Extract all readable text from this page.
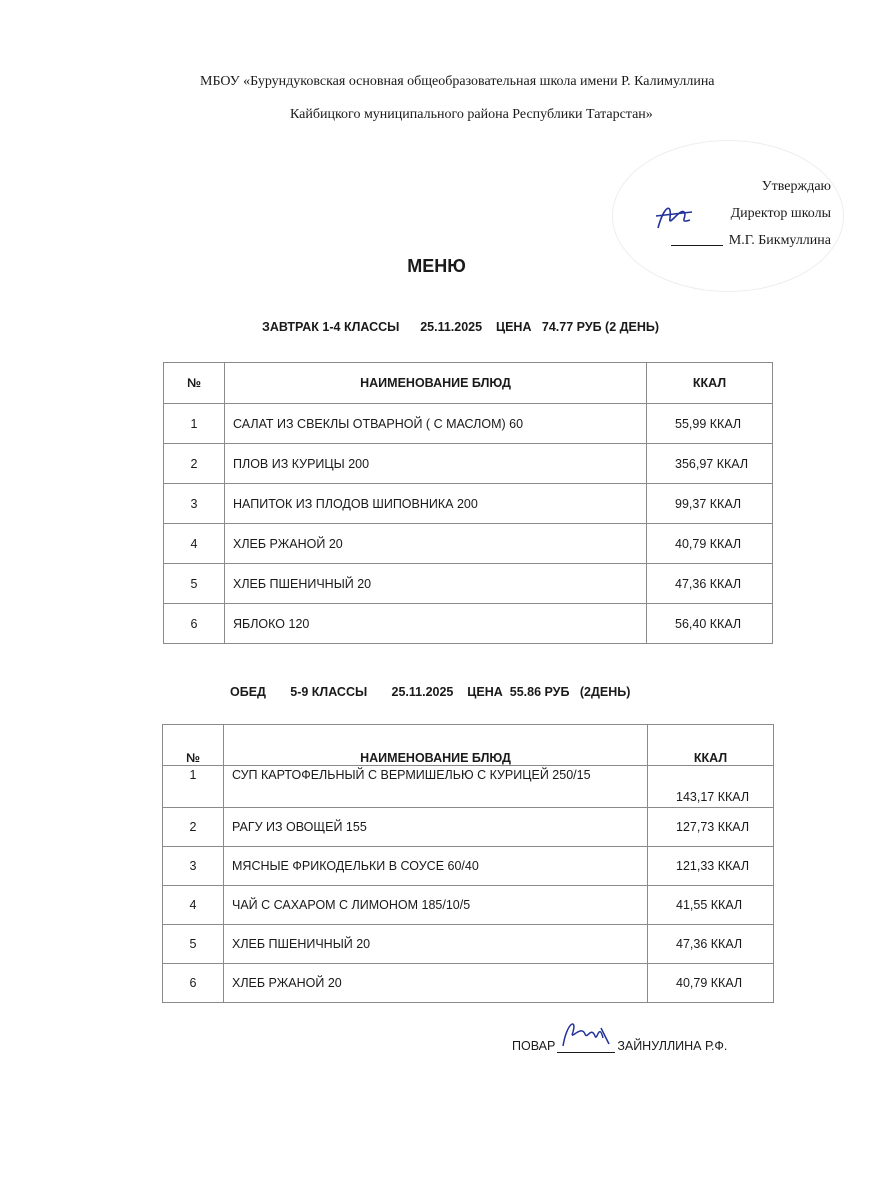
МБОУ «Бурундуковская основная общеобразовательная школа имени Р. Калимуллина
Кайбицкого муниципального района Республики Татарстан»
Утверждаю
Директор школы
М.Г. Бикмуллина
МЕНЮ
ЗАВТРАК 1-4 КЛАССЫ      25.11.2025    ЦЕНА   74.77 РУБ (2 ДЕНЬ)
№	НАИМЕНОВАНИЕ БЛЮД	ККАЛ
1	САЛАТ ИЗ СВЕКЛЫ ОТВАРНОЙ ( С МАСЛОМ) 60	55,99 ККАЛ
2	ПЛОВ ИЗ КУРИЦЫ 200	356,97 ККАЛ
3	НАПИТОК ИЗ ПЛОДОВ ШИПОВНИКА 200	99,37 ККАЛ
4	ХЛЕБ РЖАНОЙ 20	40,79 ККАЛ
5	ХЛЕБ ПШЕНИЧНЫЙ 20	47,36 ККАЛ
6	ЯБЛОКО 120	56,40 ККАЛ
ОБЕД       5-9 КЛАССЫ       25.11.2025    ЦЕНА  55.86 РУБ   (2ДЕНЬ)
№	НАИМЕНОВАНИЕ БЛЮД	ККАЛ
1	СУП КАРТОФЕЛЬНЫЙ С ВЕРМИШЕЛЬЮ С КУРИЦЕЙ 250/15	143,17 ККАЛ
2	РАГУ ИЗ ОВОЩЕЙ 155	127,73 ККАЛ
3	МЯСНЫЕ ФРИКОДЕЛЬКИ В СОУСЕ 60/40	121,33 ККАЛ
4	ЧАЙ С САХАРОМ С ЛИМОНОМ 185/10/5	41,55 ККАЛ
5	ХЛЕБ ПШЕНИЧНЫЙ 20	47,36 ККАЛ
6	ХЛЕБ РЖАНОЙ 20	40,79 ККАЛ
ПОВАР	ЗАЙНУЛЛИНА Р.Ф.
